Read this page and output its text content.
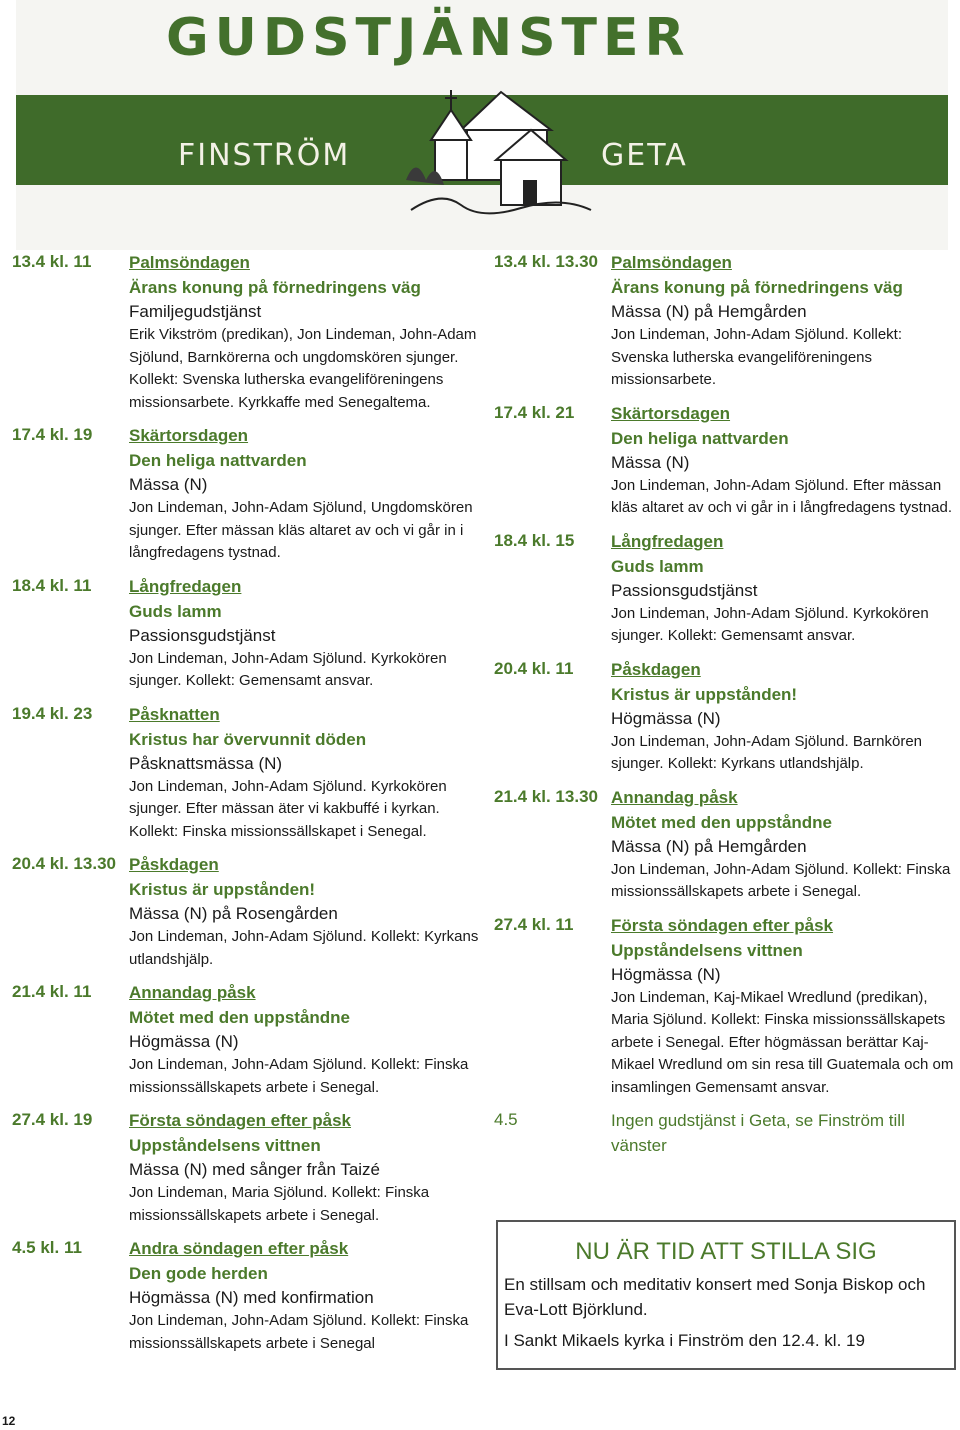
GUDSTJÄNSTER
FINSTRÖM	GETA
13.4 kl. 11 Palmsöndagen
Ärans konung på förnedringens väg
Familjegudstjänst
Erik Vikström (predikan), Jon Lindeman, John-Adam Sjölund, Barnkörerna och ungdomskören sjunger. Kollekt: Svenska lutherska evangeliföreningens missionsarbete. Kyrkkaffe med Senegaltema.
17.4 kl. 19 Skärtorsdagen
Den heliga nattvarden
Mässa (N)
Jon Lindeman, John-Adam Sjölund, Ungdomskören sjunger. Efter mässan kläs altaret av och vi går in i långfredagens tystnad.
18.4 kl. 11 Långfredagen
Guds lamm
Passionsgudstjänst
Jon Lindeman, John-Adam Sjölund. Kyrkokören sjunger. Kollekt: Gemensamt ansvar.
19.4 kl. 23 Påsknatten
Kristus har övervunnit döden
Påsknattsmässa (N)
Jon Lindeman, John-Adam Sjölund. Kyrkokören sjunger. Efter mässan äter vi kakbuffé i kyrkan. Kollekt: Finska missionssällskapet i Senegal.
20.4 kl. 13.30 Påskdagen
Kristus är uppstånden!
Mässa (N) på Rosengården
Jon Lindeman, John-Adam Sjölund. Kollekt: Kyrkans utlandshjälp.
21.4 kl. 11 Annandag påsk
Mötet med den uppståndne
Högmässa (N)
Jon Lindeman, John-Adam Sjölund. Kollekt: Finska missionssällskapets arbete i Senegal.
27.4 kl. 19 Första söndagen efter påsk
Uppståndelsens vittnen
Mässa (N) med sånger från Taizé
Jon Lindeman, Maria Sjölund. Kollekt: Finska missionssällskapets arbete i Senegal.
4.5 kl. 11	Andra söndagen efter påsk
Den gode herden
Högmässa (N) med konfirmation
Jon Lindeman, John-Adam Sjölund. Kollekt: Finska missionssällskapets arbete i Senegal
13.4 kl. 13.30 Palmsöndagen
Ärans konung på förnedringens väg
Mässa (N) på Hemgården
Jon Lindeman, John-Adam Sjölund. Kollekt: Svenska lutherska evangeliföreningens missionsarbete.
17.4 kl. 21 Skärtorsdagen
Den heliga nattvarden
Mässa (N)
Jon Lindeman, John-Adam Sjölund. Efter mässan kläs altaret av och vi går in i långfredagens tystnad.
18.4 kl. 15 Långfredagen
Guds lamm
Passionsgudstjänst
Jon Lindeman, John-Adam Sjölund. Kyrkokören sjunger. Kollekt: Gemensamt ansvar.
20.4 kl. 11 Påskdagen
Kristus är uppstånden!
Högmässa (N)
Jon Lindeman, John-Adam Sjölund. Barnkören sjunger. Kollekt: Kyrkans utlandshjälp.
21.4 kl. 13.30 Annandag påsk
Mötet med den uppståndne
Mässa (N) på Hemgården
Jon Lindeman, John-Adam Sjölund. Kollekt: Finska missionssällskapets arbete i Senegal.
27.4 kl. 11 Första söndagen efter påsk
Uppståndelsens vittnen
Högmässa (N)
Jon Lindeman, Kaj-Mikael Wredlund (predikan), Maria Sjölund. Kollekt: Finska missionssällskapets arbete i Senegal. Efter högmässan berättar Kaj-Mikael Wredlund om sin resa till Guatemala och om insamlingen Gemensamt ansvar.
4.5	Ingen gudstjänst i Geta, se Finström till vänster
NU ÄR TID ATT STILLA SIG
En stillsam och meditativ konsert med Sonja Biskop och Eva-Lott Björklund.
I Sankt Mikaels kyrka i Finström den 12.4. kl. 19
12
